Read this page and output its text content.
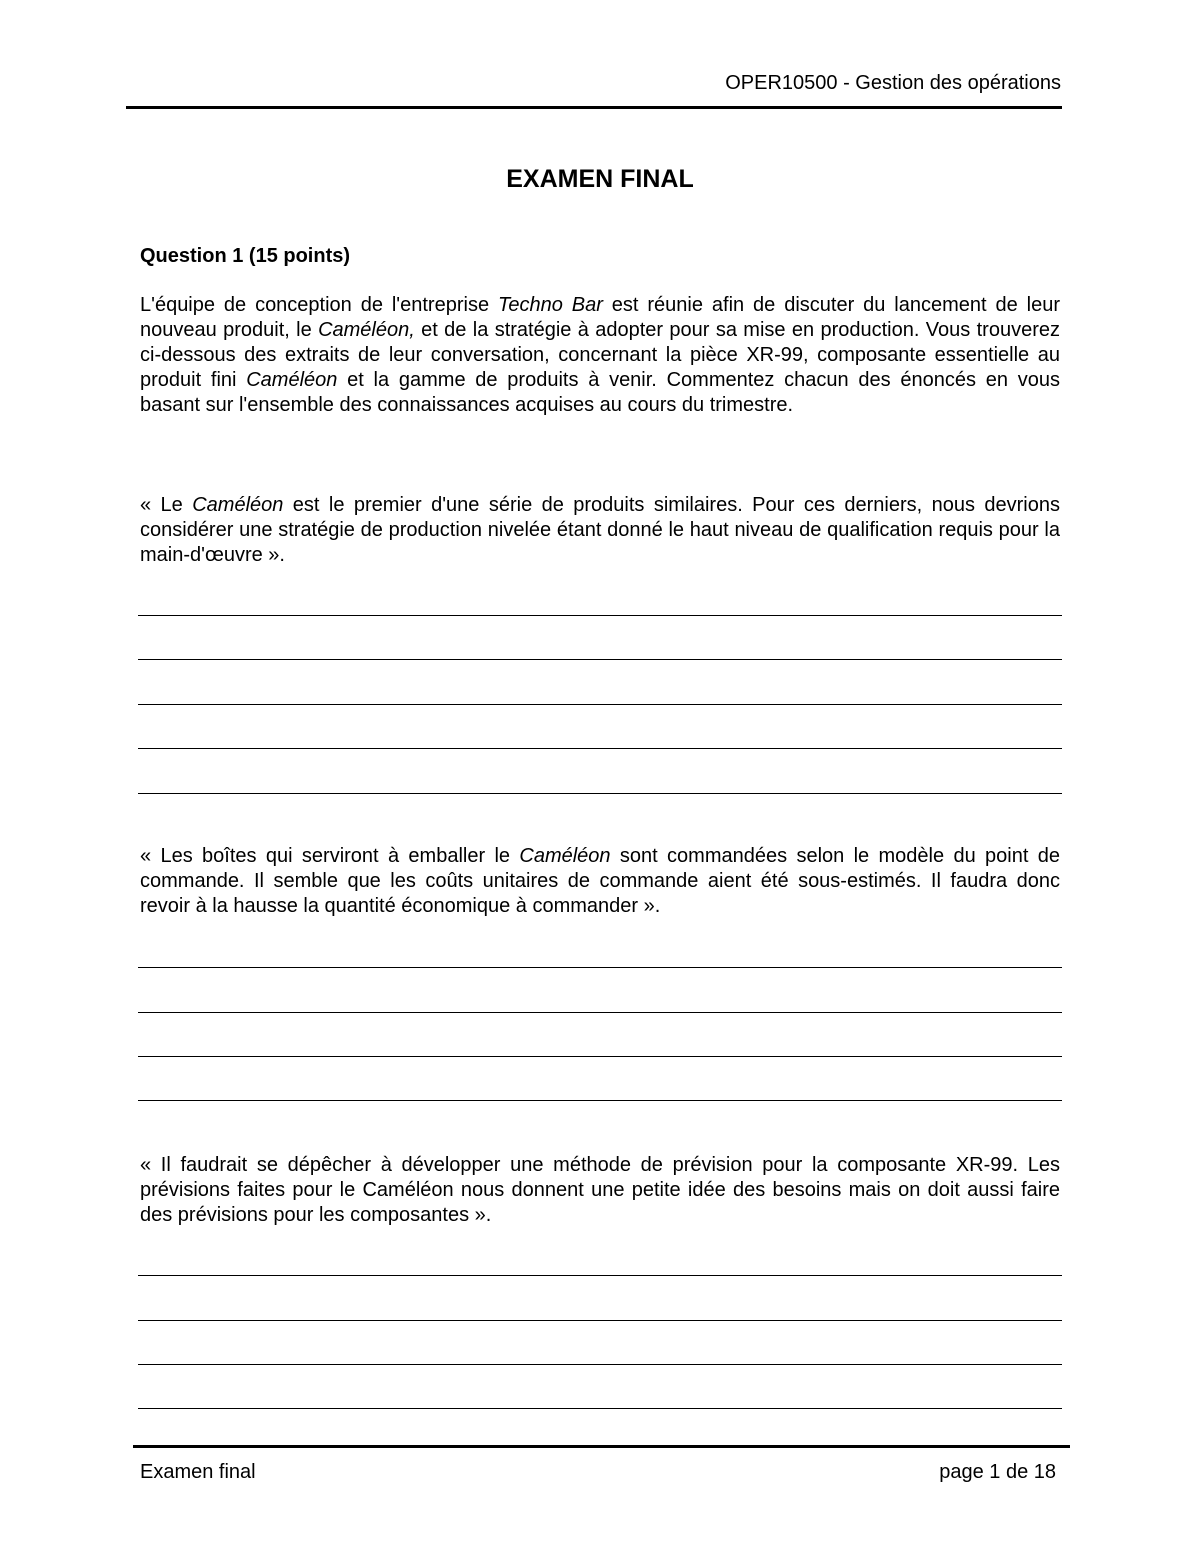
OPER10500 - Gestion des opérations
EXAMEN FINAL
Question 1 (15 points)

L'équipe de conception de l'entreprise Techno Bar est réunie afin de discuter du lancement de leur nouveau produit, le Caméléon, et de la stratégie à adopter pour sa mise en production. Vous trouverez ci-dessous des extraits de leur conversation, concernant la pièce XR-99, composante essentielle au produit fini Caméléon et la gamme de produits à venir. Commentez chacun des énoncés en vous basant sur l'ensemble des connaissances acquises au cours du trimestre.

« Le Caméléon est le premier d'une série de produits similaires. Pour ces derniers, nous devrions considérer une stratégie de production nivelée étant donné le haut niveau de qualification requis pour la main-d'œuvre ».

« Les boîtes qui serviront à emballer le Caméléon sont commandées selon le modèle du point de commande. Il semble que les coûts unitaires de commande aient été sous-estimés. Il faudra donc revoir à la hausse la quantité économique à commander ».

« Il faudrait se dépêcher à développer une méthode de prévision pour la composante XR-99. Les prévisions faites pour le Caméléon nous donnent une petite idée des besoins mais on doit aussi faire des prévisions pour les composantes ».

Examen final	page 1 de 18
